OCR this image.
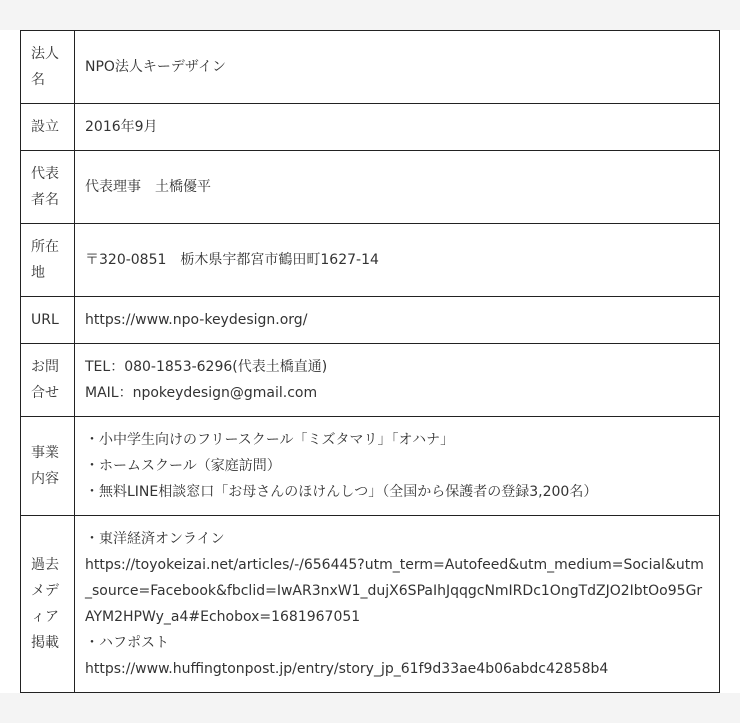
法人名	NPO法人キーデザイン

設立	2016年9月

代表者名	代表理事　土橋優平

所在地	〒320-0851　栃木県宇都宮市鶴田町1627-14

URL	https://www.npo-keydesign.org/

お問合せ	TEL：080-1853-6296(代表土橋直通)
MAIL：npokeydesign@gmail.com

事業内容	・小中学生向けのフリースクール「ミズタマリ」「オハナ」
・ホームスクール（家庭訪問）
・無料LINE相談窓口「お母さんのほけんしつ」（全国から保護者の登録3,200名）

過去メディア掲載	・東洋経済オンライン
https://toyokeizai.net/articles/-/656445?utm_term=Autofeed&utm_medium=Social&utm_source=Facebook&fbclid=IwAR3nxW1_dujX6SPaIhJqqgcNmIRDc1OngTdZJO2IbtOo95GrAYM2HPWy_a4#Echobox=1681967051
・ハフポスト
https://www.huffingtonpost.jp/entry/story_jp_61f9d33ae4b06abdc42858b4
